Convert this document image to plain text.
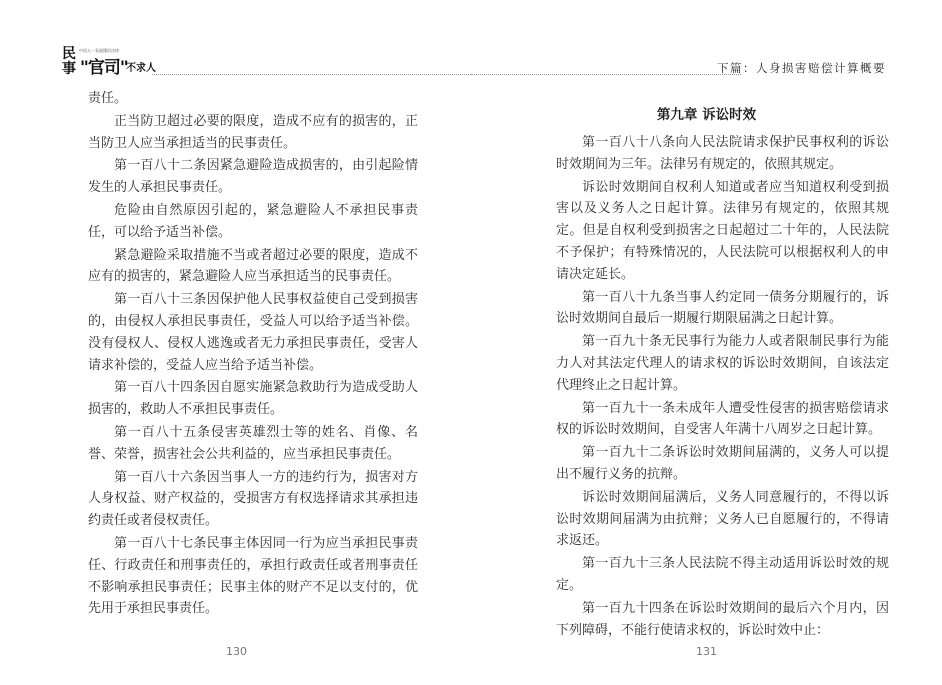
民事
中国人一看就懂的法律
"官司"
不求人

责任。

正当防卫超过必要的限度，造成不应有的损害的，正当防卫人应当承担适当的民事责任。

第一百八十二条因紧急避险造成损害的，由引起险情发生的人承担民事责任。

危险由自然原因引起的，紧急避险人不承担民事责任，可以给予适当补偿。

紧急避险采取措施不当或者超过必要的限度，造成不应有的损害的，紧急避险人应当承担适当的民事责任。

第一百八十三条因保护他人民事权益使自己受到损害的，由侵权人承担民事责任，受益人可以给予适当补偿。没有侵权人、侵权人逃逸或者无力承担民事责任，受害人请求补偿的，受益人应当给予适当补偿。

第一百八十四条因自愿实施紧急救助行为造成受助人损害的，救助人不承担民事责任。

第一百八十五条侵害英雄烈士等的姓名、肖像、名誉、荣誉，损害社会公共利益的，应当承担民事责任。

第一百八十六条因当事人一方的违约行为，损害对方人身权益、财产权益的，受损害方有权选择请求其承担违约责任或者侵权责任。

第一百八十七条民事主体因同一行为应当承担民事责任、行政责任和刑事责任的，承担行政责任或者刑事责任不影响承担民事责任；民事主体的财产不足以支付的，优先用于承担民事责任。

130
下篇：人身损害赔偿计算概要
第九章 诉讼时效

第一百八十八条向人民法院请求保护民事权利的诉讼时效期间为三年。法律另有规定的，依照其规定。

诉讼时效期间自权利人知道或者应当知道权利受到损害以及义务人之日起计算。法律另有规定的，依照其规定。但是自权利受到损害之日起超过二十年的，人民法院不予保护；有特殊情况的，人民法院可以根据权利人的申请决定延长。

第一百八十九条当事人约定同一债务分期履行的，诉讼时效期间自最后一期履行期限届满之日起计算。

第一百九十条无民事行为能力人或者限制民事行为能力人对其法定代理人的请求权的诉讼时效期间，自该法定代理终止之日起计算。

第一百九十一条未成年人遭受性侵害的损害赔偿请求权的诉讼时效期间，自受害人年满十八周岁之日起计算。

第一百九十二条诉讼时效期间届满的，义务人可以提出不履行义务的抗辩。

诉讼时效期间届满后，义务人同意履行的，不得以诉讼时效期间届满为由抗辩；义务人已自愿履行的，不得请求返还。

第一百九十三条人民法院不得主动适用诉讼时效的规定。

第一百九十四条在诉讼时效期间的最后六个月内，因下列障碍，不能行使请求权的，诉讼时效中止：

131
